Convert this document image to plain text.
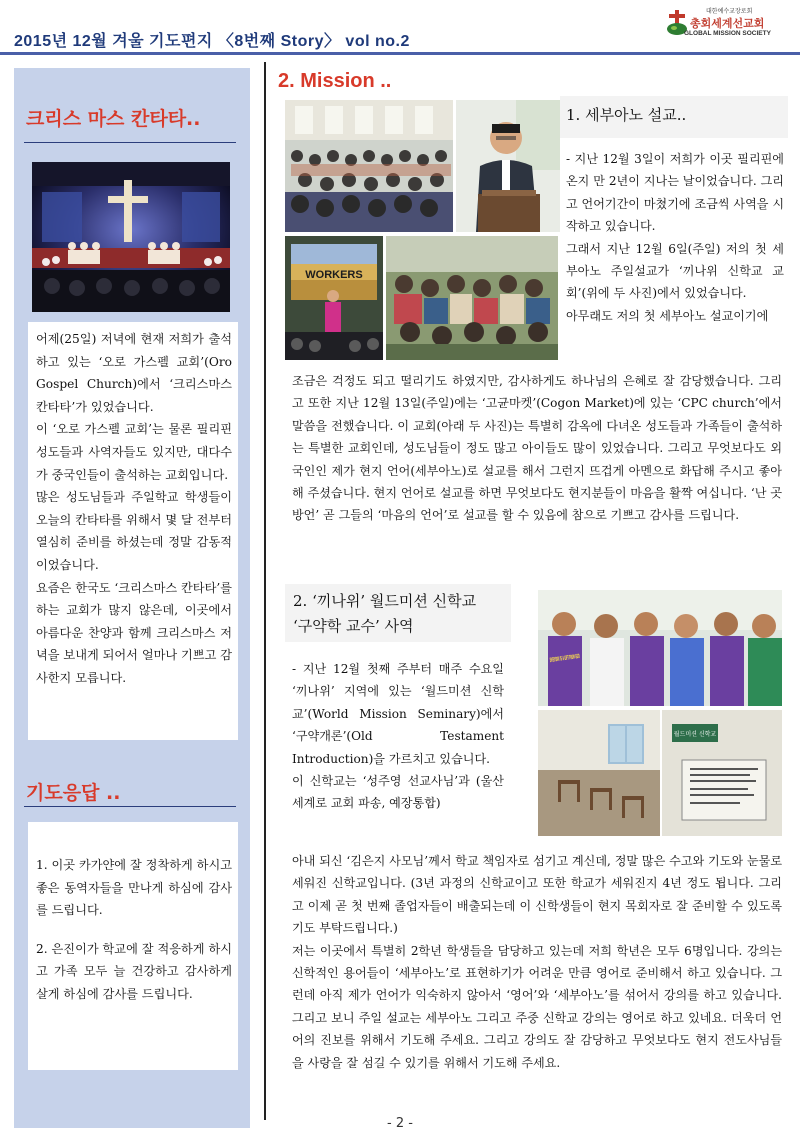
2015년 12월 겨울 기도편지 〈8번째 Story〉 vol no.2
대한예수교장로회
총회세계선교회
GLOBAL MISSION SOCIETY
크리스 마스 칸타타..

어제(25일) 저녁에 현재 저희가 출석하고 있는 ‘오로 가스펠 교회’(Oro Gospel Church)에서 ‘크리스마스 칸타타’가 있었습니다.

이 ‘오로 가스펠 교회’는 물론 필리핀 성도들과 사역자들도 있지만, 대다수가 중국인들이 출석하는 교회입니다.

많은 성도님들과 주일학교 학생들이 오늘의 칸타타를 위해서 몇 달 전부터 열심히 준비를 하셨는데 정말 감동적이었습니다.

요즘은 한국도 ‘크리스마스 칸타타’를 하는 교회가 많지 않은데, 이곳에서 아름다운 찬양과 함께 크리스마스 저녁을 보내게 되어서 얼마나 기쁘고 감사한지 모릅니다.

기도응답 ..

1. 이곳 카가얀에 잘 정착하게 하시고 좋은 동역자들을 만나게 하심에 감사를 드립니다.

2. 은진이가 학교에 잘 적응하게 하시고 가족 모두 늘 건강하고 감사하게 살게 하심에 감사를 드립니다.

2. Mission ..
WORKERS
1. 세부아노 설교..

- 지난 12월 3일이 저희가 이곳 필리핀에 온지 만 2년이 지나는 날이었습니다. 그리고 언어기간이 마쳤기에 조금씩 사역을 시작하고 있습니다.

그래서 지난 12월 6일(주일) 저의 첫 세부아노 주일설교가 ‘끼나위 신학교 교회’(위에 두 사진)에서 있었습니다.

아무래도 저의 첫 세부아노 설교이기에

조금은 걱정도 되고 떨리기도 하였지만, 감사하게도 하나님의 은혜로 잘 감당했습니다. 그리고 또한 지난 12월 13일(주일)에는 ‘고균마켓’(Cogon Market)에 있는 ‘CPC church’에서 말씀을 전했습니다. 이 교회(아래 두 사진)는 특별히 감옥에 다녀온 성도들과 가족들이 출석하는 특별한 교회인데, 성도님들이 정도 많고 아이들도 많이 있었습니다. 그리고 무엇보다도 외국인인 제가 현지 언어(세부아노)로 설교를 해서 그런지 뜨겁게 아멘으로 화답해 주시고 좋아해 주셨습니다. 현지 언어로 설교를 하면 무엇보다도 현지분들이 마음을 활짝 여십니다. ‘난 곳 방언’ 곧 그들의 ‘마음의 언어’로 설교를 할 수 있음에 참으로 기쁘고 감사를 드립니다.

2. ‘끼나위’ 월드미션 신학교
‘구약학 교수’ 사역

- 지난 12월 첫째 주부터 매주 수요일 ‘끼나위’ 지역에 있는 ‘월드미션 신학교’(World Mission Seminary)에서 ‘구약개론’(Old Testament Introduction)을 가르치고 있습니다.

이 신학교는 ‘성주영 선교사님’과 (울산 세계로 교회 파송, 예장통합)

월드미션 신학교

아내 되신 ‘김은지 사모님’께서 학교 책임자로 섬기고 계신데, 정말 많은 수고와 기도와 눈물로 세워진 신학교입니다. (3년 과정의 신학교이고 또한 학교가 세워진지 4년 정도 됩니다. 그리고 이제 곧 첫 번째 졸업자들이 배출되는데 이 신학생들이 현지 목회자로 잘 준비할 수 있도록 기도 부탁드립니다.)

저는 이곳에서 특별히 2학년 학생들을 담당하고 있는데 저희 학년은 모두 6명입니다. 강의는 신학적인 용어들이 ‘세부아노’로 표현하기가 어려운 만큼 영어로 준비해서 하고 있습니다. 그런데 아직 제가 언어가 익숙하지 않아서 ‘영어’와 ‘세부아노’를 섞어서 강의를 하고 있습니다. 그리고 보니 주일 설교는 세부아노 그리고 주중 신학교 강의는 영어로 하고 있네요. 더욱더 언어의 진보를 위해서 기도해 주세요. 그리고 강의도 잘 감당하고 무엇보다도 현지 전도사님들을 사랑을 잘 섬길 수 있기를 위해서 기도해 주세요.

- 2 -
